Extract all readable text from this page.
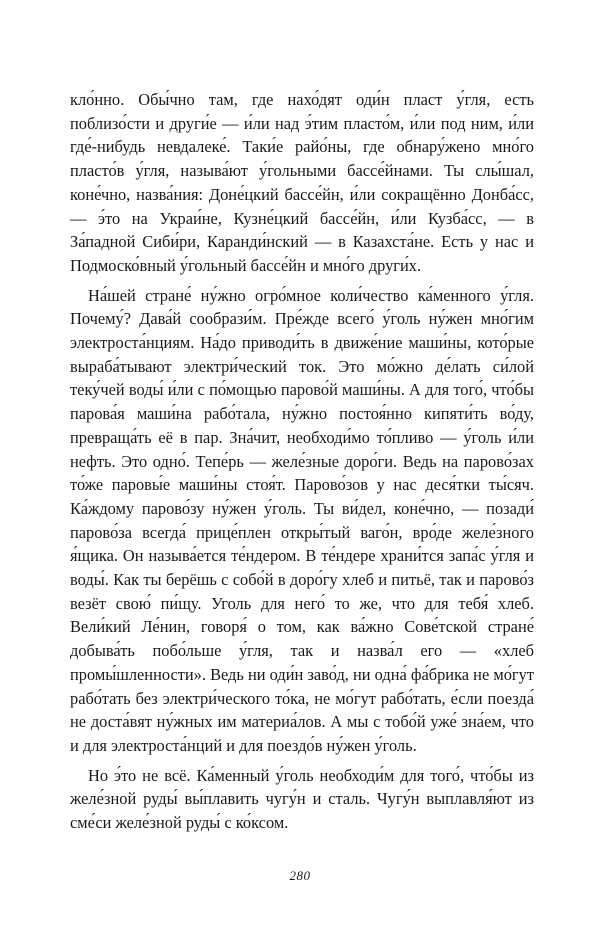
кло́нно. Обы́чно там, где нахо́дят оди́н пласт у́гля, есть поблизо́сти и други́е — и́ли над э́тим пласто́м, и́ли под ним, и́ли где́-нибудь невдалеке́. Таки́е райо́ны, где обнару́жено мно́го пласто́в у́гля, называ́ют у́гольными бассе́йнами. Ты слы́шал, коне́чно, назва́ния: Доне́цкий бассе́йн, и́ли сокращённо Донба́сс, — э́то на Украи́не, Кузне́цкий бассе́йн, и́ли Кузба́сс, — в За́падной Сиби́ри, Каранди́нский — в Казахста́не. Есть у нас и Подмоско́вный у́гольный бассе́йн и мно́го други́х.

На́шей стране́ ну́жно огро́мное коли́чество ка́менного у́гля. Почему́? Дава́й сообрази́м. Пре́жде всего́ у́голь ну́жен мно́гим электроста́нциям. На́до приводи́ть в движе́ние маши́ны, кото́рые выраба́тывают электри́ческий ток. Это мо́жно де́лать си́лой теку́чей воды́ и́ли с по́мощью парово́й маши́ны. А для того́, что́бы парова́я маши́на рабо́тала, ну́жно постоя́нно кипяти́ть во́ду, превраща́ть её в пар. Зна́чит, необходи́мо то́пливо — у́голь и́ли нефть. Это одно́. Тепе́рь — желе́зные доро́ги. Ведь на парово́зах то́же паровы́е маши́ны стоя́т. Парово́зов у нас деся́тки ты́сяч. Ка́ждому парово́зу ну́жен у́голь. Ты ви́дел, коне́чно, — позади́ парово́за всегда́ прице́плен откры́тый ваго́н, вро́де желе́зного я́щика. Он называ́ется те́ндером. В те́ндере храни́тся запа́с у́гля и воды́. Как ты берёшь с собо́й в доро́гу хлеб и питьё, так и парово́з везёт свою́ пи́щу. Уголь для него́ то же, что для тебя́ хлеб. Вели́кий Ле́нин, говоря́ о том, как ва́жно Сове́тской стране́ добыва́ть побо́льше у́гля, так и назва́л его — «хлеб промы́шленности». Ведь ни оди́н заво́д, ни одна́ фа́брика не мо́гут рабо́тать без электри́ческого то́ка, не мо́гут рабо́тать, е́сли поезда́ не доста́вят ну́жных им материа́лов. А мы с тобо́й уже́ зна́ем, что и для электроста́нций и для поездо́в ну́жен у́голь.

Но э́то не всё. Ка́менный у́голь необходи́м для того́, что́бы из желе́зной руды́ вы́плавить чугу́н и сталь. Чугу́н выплавля́ют из сме́си желе́зной руды́ с ко́ксом.

280
